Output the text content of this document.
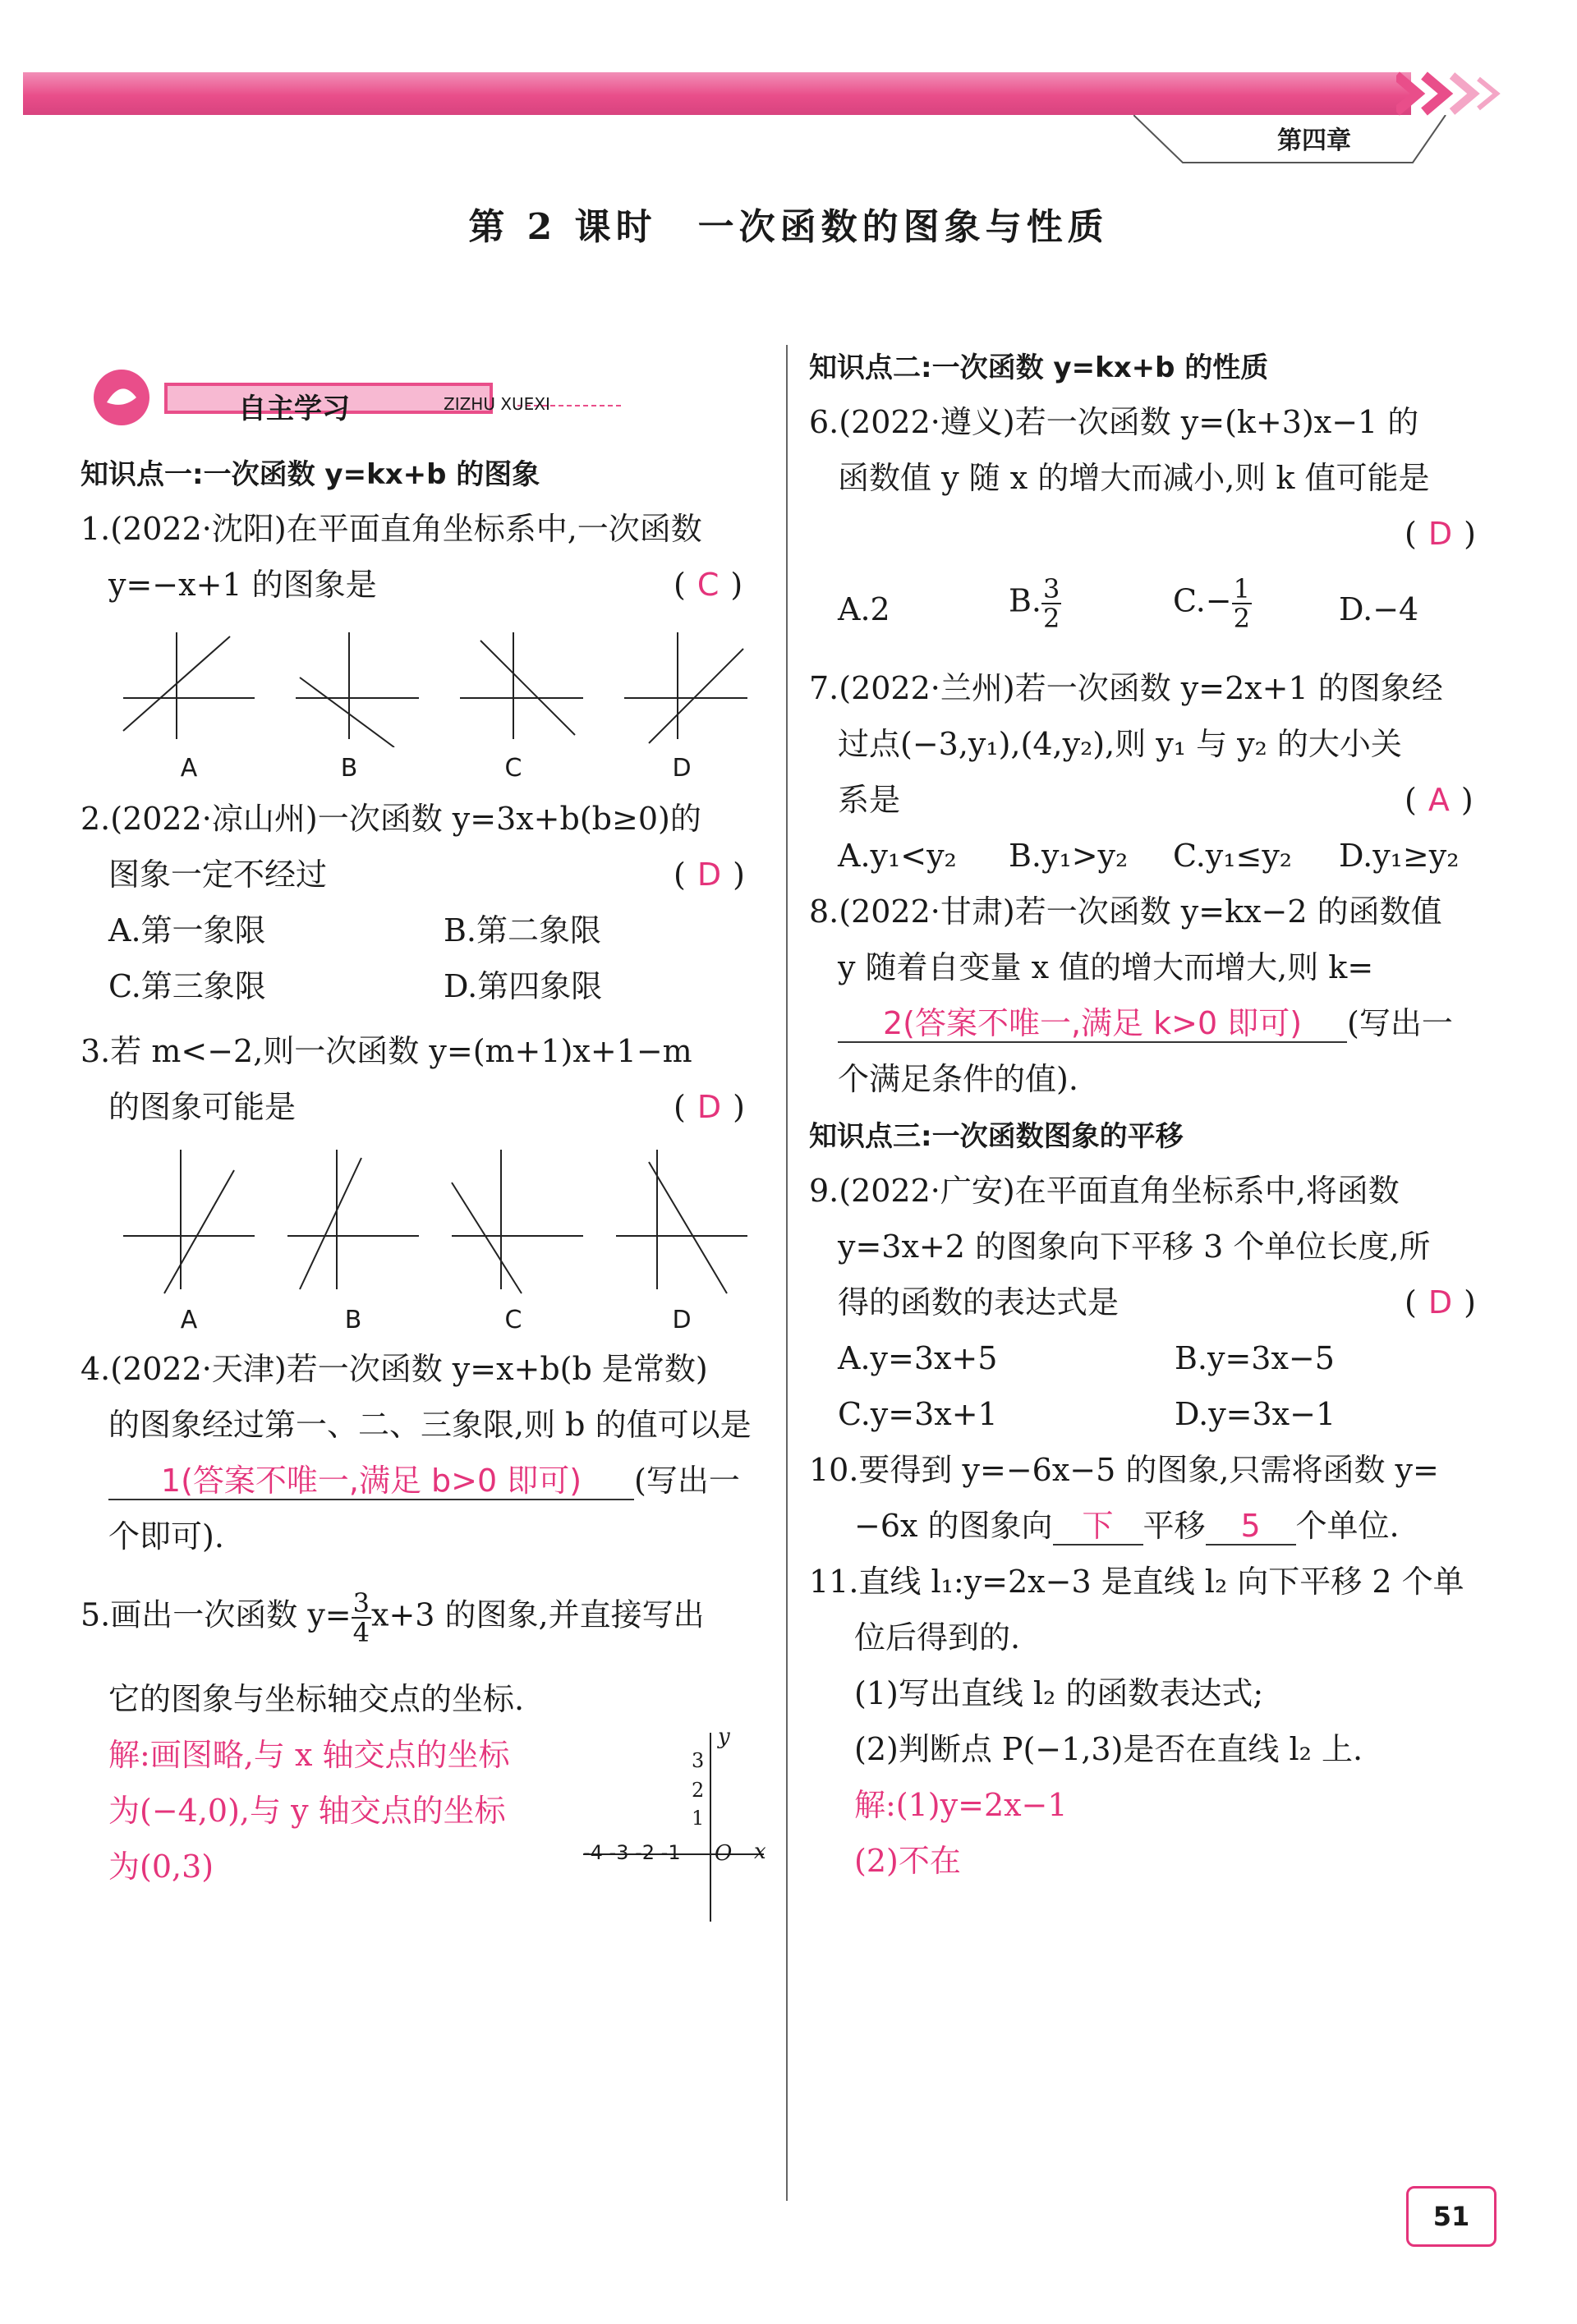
第四章
第 2 课时　一次函数的图象与性质
自主学习	ZIZHU XUEXI
知识点一:一次函数 y=kx+b 的图象
1.(2022·沈阳)在平面直角坐标系中,一次函数
y=−x+1 的图象是	( C )
A	B	C	D
2.(2022·凉山州)一次函数 y=3x+b(b≥0)的
图象一定不经过	( D )
A.第一象限	B.第二象限
C.第三象限	D.第四象限
3.若 m<−2,则一次函数 y=(m+1)x+1−m
的图象可能是	( D )
A	B	C	D
4.(2022·天津)若一次函数 y=x+b(b 是常数)
的图象经过第一、二、三象限,则 b 的值可以是
1(答案不唯一,满足 b>0 即可) (写出一
个即可).
5.画出一次函数 $y= \frac{3}{4} x+3$ 的图象,并直接写出
它的图象与坐标轴交点的坐标.
解:画图略,与 x 轴交点的坐标
为(−4,0),与 y 轴交点的坐标
为(0,3)
y
x
O
-4 -3 -2 -1
3
2
1
知识点二:一次函数 y=kx+b 的性质
6.(2022·遵义)若一次函数 y=(k+3)x−1 的
函数值 y 随 x 的增大而减小,则 k 值可能是
( D )
A.2	B. $\frac{3}{2}$	$C.- \frac{1}{2}$	D.−4
7.(2022·兰州)若一次函数 y=2x+1 的图象经
过点(−3,y₁),(4,y₂),则 y₁ 与 y₂ 的大小关
系是	( A )
A.y₁<y₂ B.y₁>y₂ C.y₁≤y₂ D.y₁≥y₂
8.(2022·甘肃)若一次函数 y=kx−2 的函数值
y 随着自变量 x 值的增大而增大,则 k=
2(答案不唯一,满足 k>0 即可) (写出一
个满足条件的值).
知识点三:一次函数图象的平移
9.(2022·广安)在平面直角坐标系中,将函数
y=3x+2 的图象向下平移 3 个单位长度,所
得的函数的表达式是	( D )
A.y=3x+5	B.y=3x−5
C.y=3x+1	D.y=3x−1
10.要得到 y=−6x−5 的图象,只需将函数 y=
−6x 的图象向 下 平移 5 个单位.
11.直线 l₁:y=2x−3 是直线 l₂ 向下平移 2 个单
位后得到的.
(1)写出直线 l₂ 的函数表达式;
(2)判断点 P(−1,3)是否在直线 l₂ 上.
解:(1)y=2x−1
(2)不在
51
